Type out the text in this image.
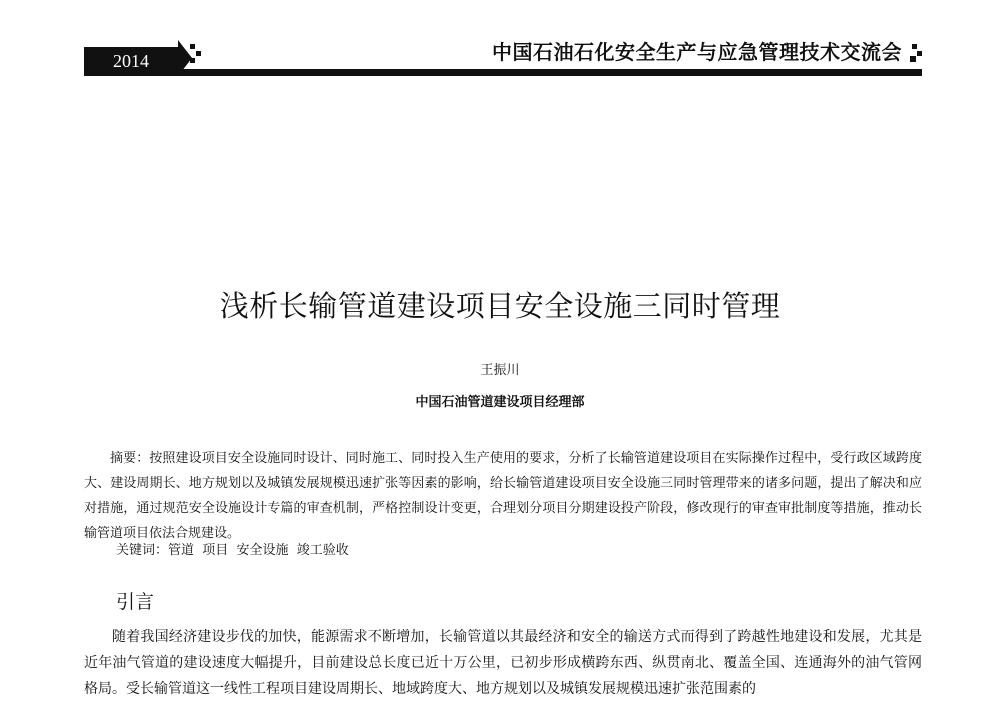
2014	中国石油石化安全生产与应急管理技术交流会
浅析长输管道建设项目安全设施三同时管理
王振川
中国石油管道建设项目经理部

摘要：按照建设项目安全设施同时设计、同时施工、同时投入生产使用的要求，分析了长输管道建设项目在实际操作过程中，受行政区域跨度大、建设周期长、地方规划以及城镇发展规模迅速扩张等因素的影响，给长输管道建设项目安全设施三同时管理带来的诸多问题，提出了解决和应对措施，通过规范安全设施设计专篇的审查机制，严格控制设计变更，合理划分项目分期建设投产阶段，修改现行的审查审批制度等措施，推动长输管道项目依法合规建设。

关键词：管道  项目  安全设施  竣工验收
引言

随着我国经济建设步伐的加快，能源需求不断增加，长输管道以其最经济和安全的输送方式而得到了跨越性地建设和发展，尤其是近年油气管道的建设速度大幅提升，目前建设总长度已近十万公里，已初步形成横跨东西、纵贯南北、覆盖全国、连通海外的油气管网格局。受长输管道这一线性工程项目建设周期长、地域跨度大、地方规划以及城镇发展规模迅速扩张范围素的
